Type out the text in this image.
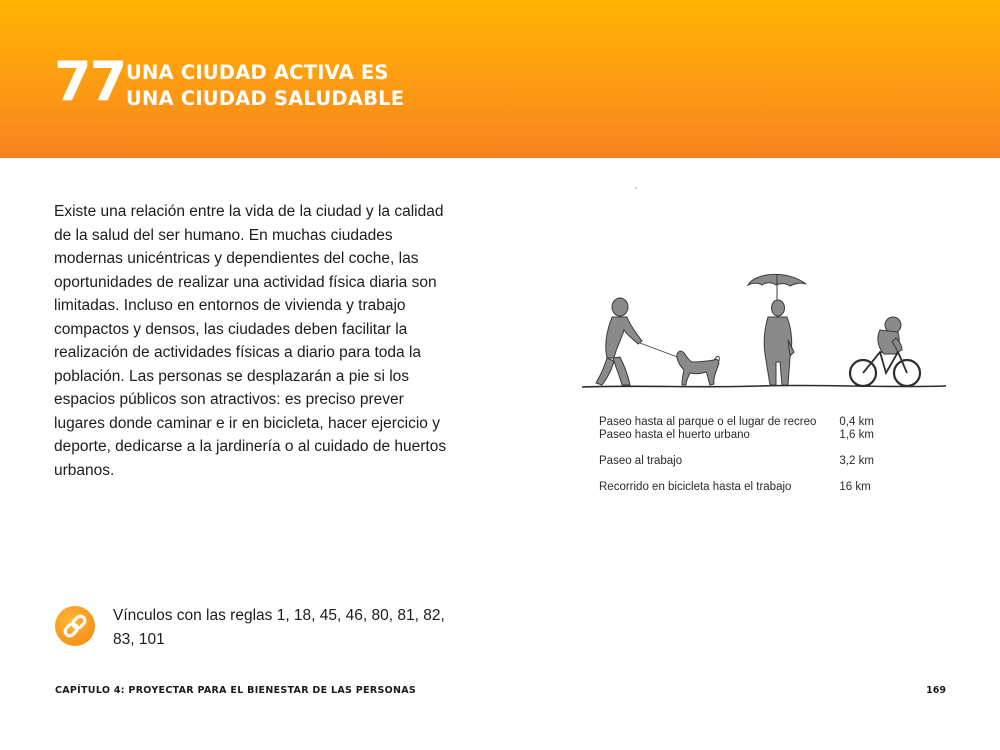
77 UNA CIUDAD ACTIVA ES
UNA CIUDAD SALUDABLE

Existe una relación entre la vida de la ciudad y la calidad de la salud del ser humano. En muchas ciudades modernas unicéntricas y dependientes del coche, las oportunidades de realizar una actividad física diaria son limitadas. Incluso en entornos de vivienda y trabajo compactos y densos, las ciudades deben facilitar la realización de actividades físicas a diario para toda la población. Las personas se desplazarán a pie si los espacios públicos son atractivos: es preciso prever lugares donde caminar e ir en bicicleta, hacer ejercicio y deporte, dedicarse a la jardinería o al cuidado de huertos urbanos.

Paseo hasta al parque o el lugar de recreo	0,4 km
Paseo hasta el huerto urbano	1,6 km
Paseo al trabajo	3,2 km
Recorrido en bicicleta hasta el trabajo	16 km
Vínculos con las reglas 1, 18, 45, 46, 80, 81, 82, 83, 101
CAPÍTULO 4: PROYECTAR PARA EL BIENESTAR DE LAS PERSONAS	169
